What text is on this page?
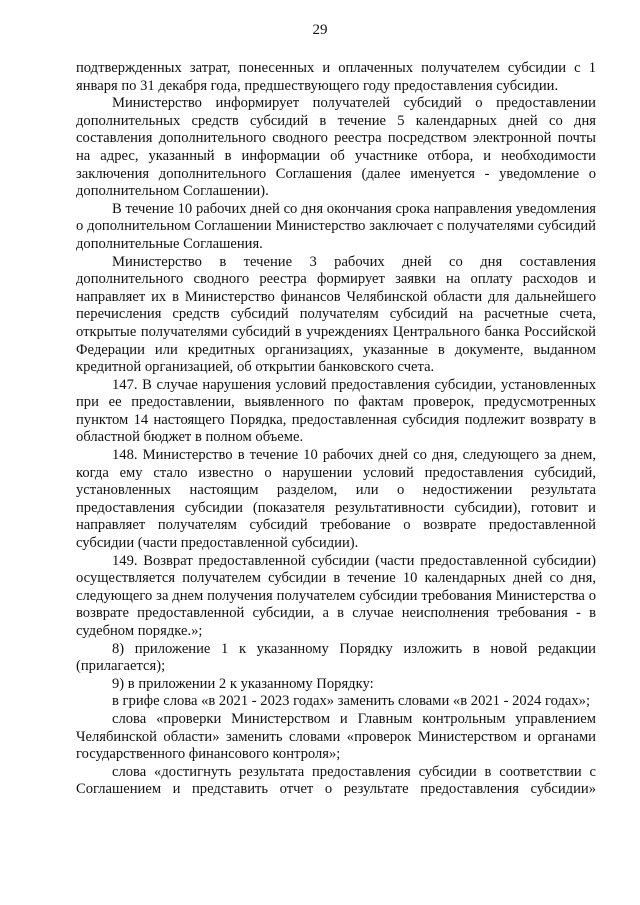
29

подтвержденных затрат, понесенных и оплаченных получателем субсидии с 1 января по 31 декабря года, предшествующего году предоставления субсидии.

Министерство информирует получателей субсидий о предоставлении дополнительных средств субсидий в течение 5 календарных дней со дня составления дополнительного сводного реестра посредством электронной почты на адрес, указанный в информации об участнике отбора, и необходимости заключения дополнительного Соглашения (далее именуется - уведомление о дополнительном Соглашении).

В течение 10 рабочих дней со дня окончания срока направления уведомления о дополнительном Соглашении Министерство заключает с получателями субсидий дополнительные Соглашения.

Министерство в течение 3 рабочих дней со дня составления дополнительного сводного реестра формирует заявки на оплату расходов и направляет их в Министерство финансов Челябинской области для дальнейшего перечисления средств субсидий получателям субсидий на расчетные счета, открытые получателями субсидий в учреждениях Центрального банка Российской Федерации или кредитных организациях, указанные в документе, выданном кредитной организацией, об открытии банковского счета.

147. В случае нарушения условий предоставления субсидии, установленных при ее предоставлении, выявленного по фактам проверок, предусмотренных пунктом 14 настоящего Порядка, предоставленная субсидия подлежит возврату в областной бюджет в полном объеме.

148. Министерство в течение 10 рабочих дней со дня, следующего за днем, когда ему стало известно о нарушении условий предоставления субсидий, установленных настоящим разделом, или о недостижении результата предоставления субсидии (показателя результативности субсидии), готовит и направляет получателям субсидий требование о возврате предоставленной субсидии (части предоставленной субсидии).

149. Возврат предоставленной субсидии (части предоставленной субсидии) осуществляется получателем субсидии в течение 10 календарных дней со дня, следующего за днем получения получателем субсидии требования Министерства о возврате предоставленной субсидии, а в случае неисполнения требования - в судебном порядке.»;

8) приложение 1 к указанному Порядку изложить в новой редакции (прилагается);

9) в приложении 2 к указанному Порядку:

в грифе слова «в 2021 - 2023 годах» заменить словами «в 2021 - 2024 годах»;

слова «проверки Министерством и Главным контрольным управлением Челябинской области» заменить словами «проверок Министерством и органами государственного финансового контроля»;

слова «достигнуть результата предоставления субсидии в соответствии с Соглашением и представить отчет о результате предоставления субсидии»
